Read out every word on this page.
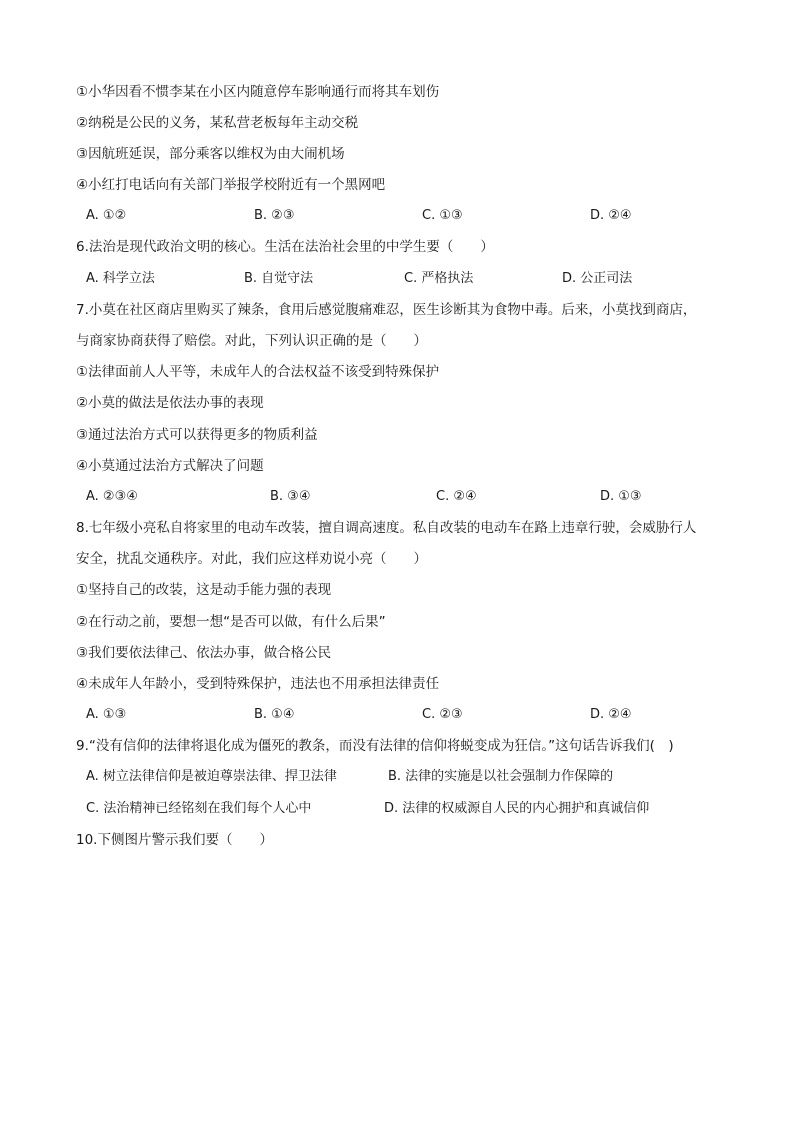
①小华因看不惯李某在小区内随意停车影响通行而将其车划伤
②纳税是公民的义务，某私营老板每年主动交税
③因航班延误，部分乘客以维权为由大闹机场
④小红打电话向有关部门举报学校附近有一个黑网吧
A. ①②	B. ②③	C. ①③	D. ②④
6.法治是现代政治文明的核心。生活在法治社会里的中学生要（　　）
A. 科学立法	B. 自觉守法	C. 严格执法	D. 公正司法
7.小莫在社区商店里购买了辣条，食用后感觉腹痛难忍，医生诊断其为食物中毒。后来，小莫找到商店，
与商家协商获得了赔偿。对此，下列认识正确的是（　　）
①法律面前人人平等，未成年人的合法权益不该受到特殊保护
②小莫的做法是依法办事的表现
③通过法治方式可以获得更多的物质利益
④小莫通过法治方式解决了问题
A. ②③④	B. ③④	C. ②④	D. ①③
8.七年级小亮私自将家里的电动车改装，擅自调高速度。私自改装的电动车在路上违章行驶，会威胁行人
安全，扰乱交通秩序。对此，我们应这样劝说小亮（　　）
①坚持自己的改装，这是动手能力强的表现
②在行动之前，要想一想“是否可以做，有什么后果”
③我们要依法律己、依法办事，做合格公民
④未成年人年龄小，受到特殊保护，违法也不用承担法律责任
A. ①③	B. ①④	C. ②③	D. ②④
9.“没有信仰的法律将退化成为僵死的教条，而没有法律的信仰将蜕变成为狂信。”这句话告诉我们(　)
A. 树立法律信仰是被迫尊崇法律、捍卫法律	B. 法律的实施是以社会强制力作保障的
C. 法治精神已经铭刻在我们每个人心中	D. 法律的权威源自人民的内心拥护和真诚信仰
10.下侧图片警示我们要（　　）
